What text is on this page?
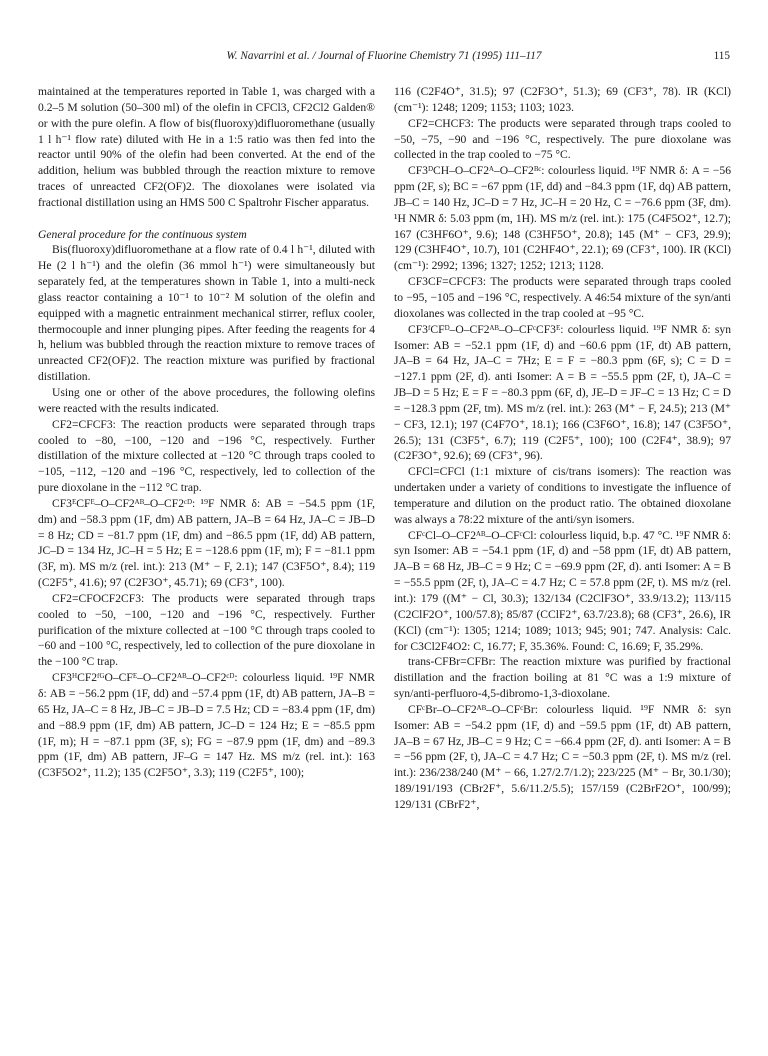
W. Navarrini et al. / Journal of Fluorine Chemistry 71 (1995) 111–117	115

maintained at the temperatures reported in Table 1, was charged with a 0.2–5 M solution (50–300 ml) of the olefin in CFCl3, CF2Cl2 Galden® or with the pure olefin. A flow of bis(fluoroxy)difluoromethane (usually 1 l h⁻¹ flow rate) diluted with He in a 1:5 ratio was then fed into the reactor until 90% of the olefin had been converted. At the end of the addition, helium was bubbled through the reaction mixture to remove traces of unreacted CF2(OF)2. The dioxolanes were isolated via fractional distillation using an HMS 500 C Spaltrohr Fischer apparatus.

General procedure for the continuous system

Bis(fluoroxy)difluoromethane at a flow rate of 0.4 l h⁻¹, diluted with He (2 l h⁻¹) and the olefin (36 mmol h⁻¹) were simultaneously but separately fed, at the temperatures shown in Table 1, into a multi-neck glass reactor containing a 10⁻¹ to 10⁻² M solution of the olefin and equipped with a magnetic entrainment mechanical stirrer, reflux cooler, thermocouple and inner plunging pipes. After feeding the reagents for 4 h, helium was bubbled through the reaction mixture to remove traces of unreacted CF2(OF)2. The reaction mixture was purified by fractional distillation.

Using one or other of the above procedures, the following olefins were reacted with the results indicated.

CF2=CFCF3: The reaction products were separated through traps cooled to −80, −100, −120 and −196 °C, respectively. Further distillation of the mixture collected at −120 °C through traps cooled to −105, −112, −120 and −196 °C, respectively, led to collection of the pure dioxolane in the −112 °C trap.

CF3ᴱCFᴱ–O–CF2ᴬᴮ–O–CF2ᶜᴰ: ¹⁹F NMR δ: AB = −54.5 ppm (1F, dm) and −58.3 ppm (1F, dm) AB pattern, JA–B = 64 Hz, JA–C = JB–D = 8 Hz; CD = −81.7 ppm (1F, dm) and −86.5 ppm (1F, dd) AB pattern, JC–D = 134 Hz, JC–H = 5 Hz; E = −128.6 ppm (1F, m); F = −81.1 ppm (3F, m). MS m/z (rel. int.): 213 (M⁺ − F, 2.1); 147 (C3F5O⁺, 8.4); 119 (C2F5⁺, 41.6); 97 (C2F3O⁺, 45.71); 69 (CF3⁺, 100).

CF2=CFOCF2CF3: The products were separated through traps cooled to −50, −100, −120 and −196 °C, respectively. Further purification of the mixture collected at −100 °C through traps cooled to −60 and −100 °C, respectively, led to collection of the pure dioxolane in the −100 °C trap.

CF3ᴴCF2ᶠᴳO–CFᴱ–O–CF2ᴬᴮ–O–CF2ᶜᴰ: colourless liquid. ¹⁹F NMR δ: AB = −56.2 ppm (1F, dd) and −57.4 ppm (1F, dt) AB pattern, JA–B = 65 Hz, JA–C = 8 Hz, JB–C = JB–D = 7.5 Hz; CD = −83.4 ppm (1F, dm) and −88.9 ppm (1F, dm) AB pattern, JC–D = 124 Hz; E = −85.5 ppm (1F, m); H = −87.1 ppm (3F, s); FG = −87.9 ppm (1F, dm) and −89.3 ppm (1F, dm) AB pattern, JF–G = 147 Hz. MS m/z (rel. int.): 163 (C3F5O2⁺, 11.2); 135 (C2F5O⁺, 3.3); 119 (C2F5⁺, 100);

116 (C2F4O⁺, 31.5); 97 (C2F3O⁺, 51.3); 69 (CF3⁺, 78). IR (KCl) (cm⁻¹): 1248; 1209; 1153; 1103; 1023.

CF2=CHCF3: The products were separated through traps cooled to −50, −75, −90 and −196 °C, respectively. The pure dioxolane was collected in the trap cooled to −75 °C.

CF3ᴰCH–O–CF2ᴬ–O–CF2ᴮᶜ: colourless liquid. ¹⁹F NMR δ: A = −56 ppm (2F, s); BC = −67 ppm (1F, dd) and −84.3 ppm (1F, dq) AB pattern, JB–C = 140 Hz, JC–D = 7 Hz, JC–H = 20 Hz, C = −76.6 ppm (3F, dm). ¹H NMR δ: 5.03 ppm (m, 1H). MS m/z (rel. int.): 175 (C4F5O2⁺, 12.7); 167 (C3HF6O⁺, 9.6); 148 (C3HF5O⁺, 20.8); 145 (M⁺ − CF3, 29.9); 129 (C3HF4O⁺, 10.7), 101 (C2HF4O⁺, 22.1); 69 (CF3⁺, 100). IR (KCl) (cm⁻¹): 2992; 1396; 1327; 1252; 1213; 1128.

CF3CF=CFCF3: The products were separated through traps cooled to −95, −105 and −196 °C, respectively. A 46:54 mixture of the syn/anti dioxolanes was collected in the trap cooled at −95 °C.

CF3ᶠCFᴰ–O–CF2ᴬᴮ–O–CFᶜCF3ᴱ: colourless liquid. ¹⁹F NMR δ: syn Isomer: AB = −52.1 ppm (1F, d) and −60.6 ppm (1F, dt) AB pattern, JA–B = 64 Hz, JA–C = 7Hz; E = F = −80.3 ppm (6F, s); C = D = −127.1 ppm (2F, d). anti Isomer: A = B = −55.5 ppm (2F, t), JA–C = JB–D = 5 Hz; E = F = −80.3 ppm (6F, d), JE–D = JF–C = 13 Hz; C = D = −128.3 ppm (2F, tm). MS m/z (rel. int.): 263 (M⁺ − F, 24.5); 213 (M⁺ − CF3, 12.1); 197 (C4F7O⁺, 18.1); 166 (C3F6O⁺, 16.8); 147 (C3F5O⁺, 26.5); 131 (C3F5⁺, 6.7); 119 (C2F5⁺, 100); 100 (C2F4⁺, 38.9); 97 (C2F3O⁺, 92.6); 69 (CF3⁺, 96).

CFCl=CFCl (1:1 mixture of cis/trans isomers): The reaction was undertaken under a variety of conditions to investigate the influence of temperature and dilution on the product ratio. The obtained dioxolane was always a 78:22 mixture of the anti/syn isomers.

CFᶜCl–O–CF2ᴬᴮ–O–CFᶜCl: colourless liquid, b.p. 47 °C. ¹⁹F NMR δ: syn Isomer: AB = −54.1 ppm (1F, d) and −58 ppm (1F, dt) AB pattern, JA–B = 68 Hz, JB–C = 9 Hz; C = −69.9 ppm (2F, d). anti Isomer: A = B = −55.5 ppm (2F, t), JA–C = 4.7 Hz; C = 57.8 ppm (2F, t). MS m/z (rel. int.): 179 ((M⁺ − Cl, 30.3); 132/134 (C2ClF3O⁺, 33.9/13.2); 113/115 (C2ClF2O⁺, 100/57.8); 85/87 (CClF2⁺, 63.7/23.8); 68 (CF3⁺, 26.6), IR (KCl) (cm⁻¹): 1305; 1214; 1089; 1013; 945; 901; 747. Analysis: Calc. for C3Cl2F4O2: C, 16.77; F, 35.36%. Found: C, 16.69; F, 35.29%.

trans-CFBr=CFBr: The reaction mixture was purified by fractional distillation and the fraction boiling at 81 °C was a 1:9 mixture of syn/anti-perfluoro-4,5-dibromo-1,3-dioxolane.

CFᶜBr–O–CF2ᴬᴮ–O–CFᶜBr: colourless liquid. ¹⁹F NMR δ: syn Isomer: AB = −54.2 ppm (1F, d) and −59.5 ppm (1F, dt) AB pattern, JA–B = 67 Hz, JB–C = 9 Hz; C = −66.4 ppm (2F, d). anti Isomer: A = B = −56 ppm (2F, t), JA–C = 4.7 Hz; C = −50.3 ppm (2F, t). MS m/z (rel. int.): 236/238/240 (M⁺ − 66, 1.27/2.7/1.2); 223/225 (M⁺ − Br, 30.1/30); 189/191/193 (CBr2F⁺, 5.6/11.2/5.5); 157/159 (C2BrF2O⁺, 100/99); 129/131 (CBrF2⁺,
